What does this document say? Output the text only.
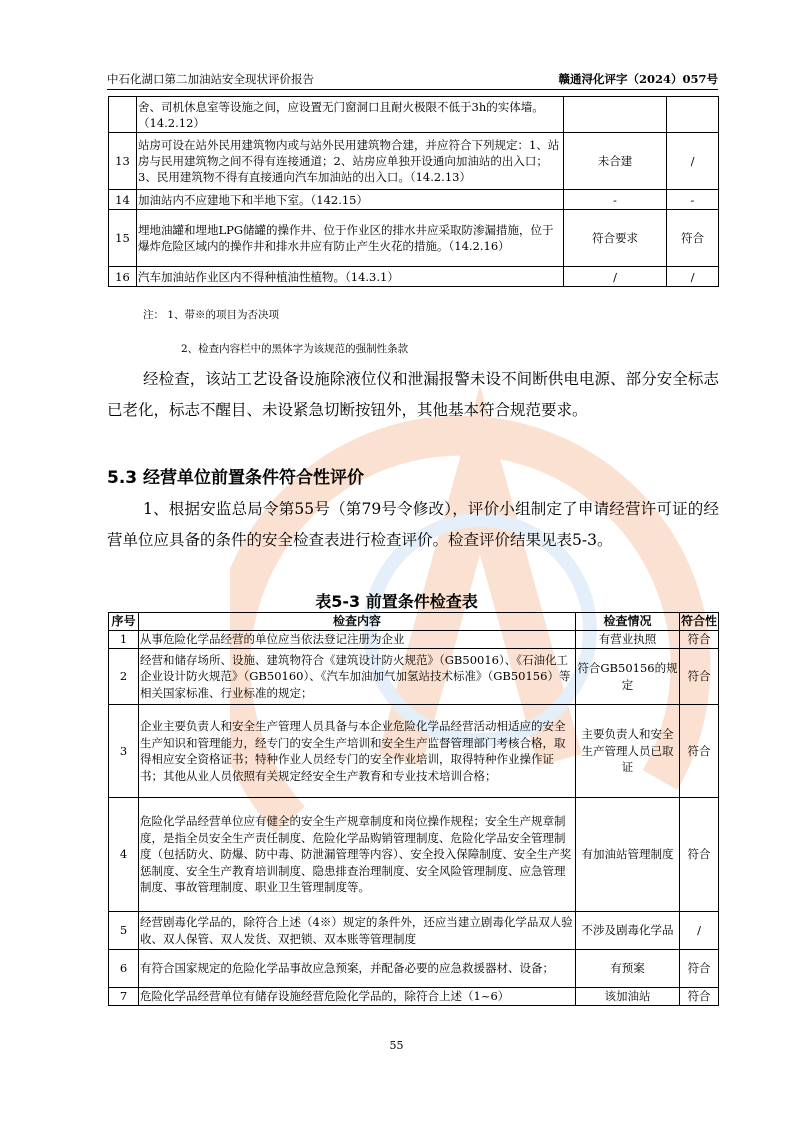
中石化湖口第二加油站安全现状评价报告	赣通浔化评字（2024）057号
	舍、司机休息室等设施之间，应设置无门窗洞口且耐火极限不低于3h的实体墙。（14.2.12）		
13	站房可设在站外民用建筑物内或与站外民用建筑物合建，并应符合下列规定：1、站房与民用建筑物之间不得有连接通道；2、站房应单独开设通向加油站的出入口；3、民用建筑物不得有直接通向汽车加油站的出入口。（14.2.13）	未合建	/
14	加油站内不应建地下和半地下室。（142.15）	-	-
15	埋地油罐和埋地LPG储罐的操作井、位于作业区的排水井应采取防渗漏措施，位于爆炸危险区域内的操作井和排水井应有防止产生火花的措施。（14.2.16）	符合要求	符合
16	汽车加油站作业区内不得种植油性植物。（14.3.1）	/	/
注： 1、带※的项目为否决项
2、检查内容栏中的黑体字为该规范的强制性条款
经检查，该站工艺设备设施除液位仪和泄漏报警未设不间断供电电源、部分安全标志已老化，标志不醒目、未设紧急切断按钮外，其他基本符合规范要求。
5.3 经营单位前置条件符合性评价
1、根据安监总局令第55号（第79号令修改），评价小组制定了申请经营许可证的经营单位应具备的条件的安全检查表进行检查评价。检查评价结果见表5-3。
表5-3 前置条件检查表
序号	检查内容	检查情况	符合性
1	从事危险化学品经营的单位应当依法登记注册为企业	有营业执照	符合
2	经营和储存场所、设施、建筑物符合《建筑设计防火规范》（GB50016）、《石油化工企业设计防火规范》（GB50160）、《汽车加油加气加氢站技术标准》（GB50156）等相关国家标准、行业标准的规定；	符合GB50156的规定	符合
3	企业主要负责人和安全生产管理人员具备与本企业危险化学品经营活动相适应的安全生产知识和管理能力，经专门的安全生产培训和安全生产监督管理部门考核合格，取得相应安全资格证书；特种作业人员经专门的安全作业培训，取得特种作业操作证书；其他从业人员依照有关规定经安全生产教育和专业技术培训合格；	主要负责人和安全生产管理人员已取证	符合
4	危险化学品经营单位应有健全的安全生产规章制度和岗位操作规程；安全生产规章制度，是指全员安全生产责任制度、危险化学品购销管理制度、危险化学品安全管理制度（包括防火、防爆、防中毒、防泄漏管理等内容）、安全投入保障制度、安全生产奖惩制度、安全生产教育培训制度、隐患排查治理制度、安全风险管理制度、应急管理制度、事故管理制度、职业卫生管理制度等。	有加油站管理制度	符合
5	经营剧毒化学品的，除符合上述（4※）规定的条件外，还应当建立剧毒化学品双人验收、双人保管、双人发货、双把锁、双本账等管理制度	不涉及剧毒化学品	/
6	有符合国家规定的危险化学品事故应急预案，并配备必要的应急救援器材、设备；	有预案	符合
7	危险化学品经营单位有储存设施经营危险化学品的，除符合上述（1~6）	该加油站	符合
55
